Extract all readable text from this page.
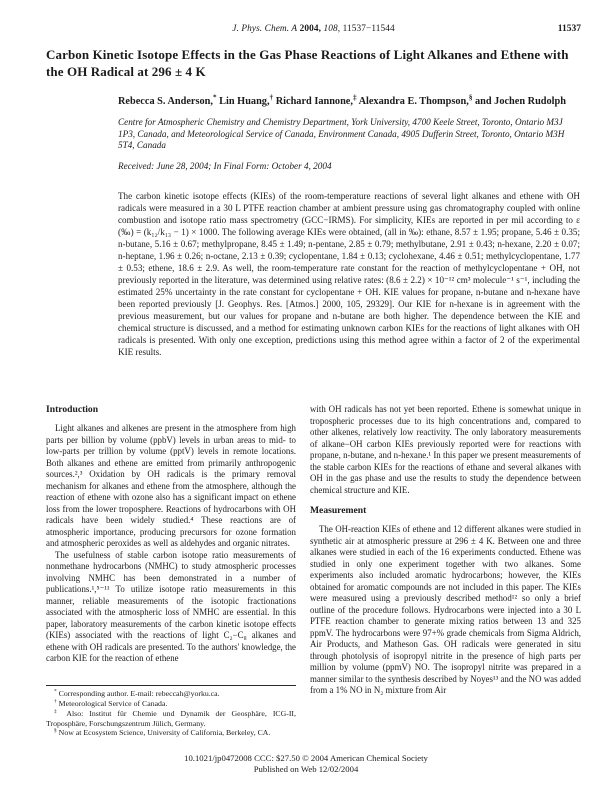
J. Phys. Chem. A 2004, 108, 11537−11544	11537
Carbon Kinetic Isotope Effects in the Gas Phase Reactions of Light Alkanes and Ethene with the OH Radical at 296 ± 4 K

Rebecca S. Anderson,* Lin Huang,† Richard Iannone,‡ Alexandra E. Thompson,§ and Jochen Rudolph

Centre for Atmospheric Chemistry and Chemistry Department, York University, 4700 Keele Street, Toronto, Ontario M3J 1P3, Canada, and Meteorological Service of Canada, Environment Canada, 4905 Dufferin Street, Toronto, Ontario M3H 5T4, Canada

Received: June 28, 2004; In Final Form: October 4, 2004

The carbon kinetic isotope effects (KIEs) of the room-temperature reactions of several light alkanes and ethene with OH radicals were measured in a 30 L PTFE reaction chamber at ambient pressure using gas chromatography coupled with online combustion and isotope ratio mass spectrometry (GCC−IRMS). For simplicity, KIEs are reported in per mil according to ε (‰) = (k₁₂/k₁₃ − 1) × 1000. The following average KIEs were obtained, (all in ‰): ethane, 8.57 ± 1.95; propane, 5.46 ± 0.35; n-butane, 5.16 ± 0.67; methylpropane, 8.45 ± 1.49; n-pentane, 2.85 ± 0.79; methylbutane, 2.91 ± 0.43; n-hexane, 2.20 ± 0.07; n-heptane, 1.96 ± 0.26; n-octane, 2.13 ± 0.39; cyclopentane, 1.84 ± 0.13; cyclohexane, 4.46 ± 0.51; methylcyclopentane, 1.77 ± 0.53; ethene, 18.6 ± 2.9. As well, the room-temperature rate constant for the reaction of methylcyclopentane + OH, not previously reported in the literature, was determined using relative rates: (8.6 ± 2.2) × 10⁻¹² cm³ molecule⁻¹ s⁻¹, including the estimated 25% uncertainty in the rate constant for cyclopentane + OH. KIE values for propane, n-butane and n-hexane have been reported previously [J. Geophys. Res. [Atmos.] 2000, 105, 29329]. Our KIE for n-hexane is in agreement with the previous measurement, but our values for propane and n-butane are both higher. The dependence between the KIE and chemical structure is discussed, and a method for estimating unknown carbon KIEs for the reactions of light alkanes with OH radicals is presented. With only one exception, predictions using this method agree within a factor of 2 of the experimental KIE results.
Introduction

Light alkanes and alkenes are present in the atmosphere from high parts per billion by volume (ppbV) levels in urban areas to mid- to low-parts per trillion by volume (pptV) levels in remote locations. Both alkanes and ethene are emitted from primarily anthropogenic sources.²,³ Oxidation by OH radicals is the primary removal mechanism for alkanes and ethene from the atmosphere, although the reaction of ethene with ozone also has a significant impact on ethene loss from the lower troposphere. Reactions of hydrocarbons with OH radicals have been widely studied.⁴ These reactions are of atmospheric importance, producing precursors for ozone formation and atmospheric peroxides as well as aldehydes and organic nitrates.

The usefulness of stable carbon isotope ratio measurements of nonmethane hydrocarbons (NMHC) to study atmospheric processes involving NMHC has been demonstrated in a number of publications.¹,⁵⁻¹¹ To utilize isotope ratio measurements in this manner, reliable measurements of the isotopic fractionations associated with the atmospheric loss of NMHC are essential. In this paper, laboratory measurements of the carbon kinetic isotope effects (KIEs) associated with the reactions of light C₂−C₈ alkanes and ethene with OH radicals are presented. To the authors' knowledge, the carbon KIE for the reaction of ethene

* Corresponding author. E-mail: rebeccah@yorku.ca.

† Meteorological Service of Canada.

‡ Also: Institut für Chemie und Dynamik der Geosphäre, ICG-II, Troposphäre, Forschungszentrum Jülich, Germany.

§ Now at Ecosystem Science, University of California, Berkeley, CA.

with OH radicals has not yet been reported. Ethene is somewhat unique in tropospheric processes due to its high concentrations and, compared to other alkenes, relatively low reactivity. The only laboratory measurements of alkane−OH carbon KIEs previously reported were for reactions with propane, n-butane, and n-hexane.¹ In this paper we present measurements of the stable carbon KIEs for the reactions of ethane and several alkanes with OH in the gas phase and use the results to study the dependence between chemical structure and KIE.

Measurement

The OH-reaction KIEs of ethene and 12 different alkanes were studied in synthetic air at atmospheric pressure at 296 ± 4 K. Between one and three alkanes were studied in each of the 16 experiments conducted. Ethene was studied in only one experiment together with two alkanes. Some experiments also included aromatic hydrocarbons; however, the KIEs obtained for aromatic compounds are not included in this paper. The KIEs were measured using a previously described method¹² so only a brief outline of the procedure follows. Hydrocarbons were injected into a 30 L PTFE reaction chamber to generate mixing ratios between 13 and 325 ppmV. The hydrocarbons were 97+% grade chemicals from Sigma Aldrich, Air Products, and Matheson Gas. OH radicals were generated in situ through photolysis of isopropyl nitrite in the presence of high parts per million by volume (ppmV) NO. The isopropyl nitrite was prepared in a manner similar to the synthesis described by Noyes¹³ and the NO was added from a 1% NO in N₂ mixture from Air

10.1021/jp0472008 CCC: $27.50 © 2004 American Chemical Society

Published on Web 12/02/2004
